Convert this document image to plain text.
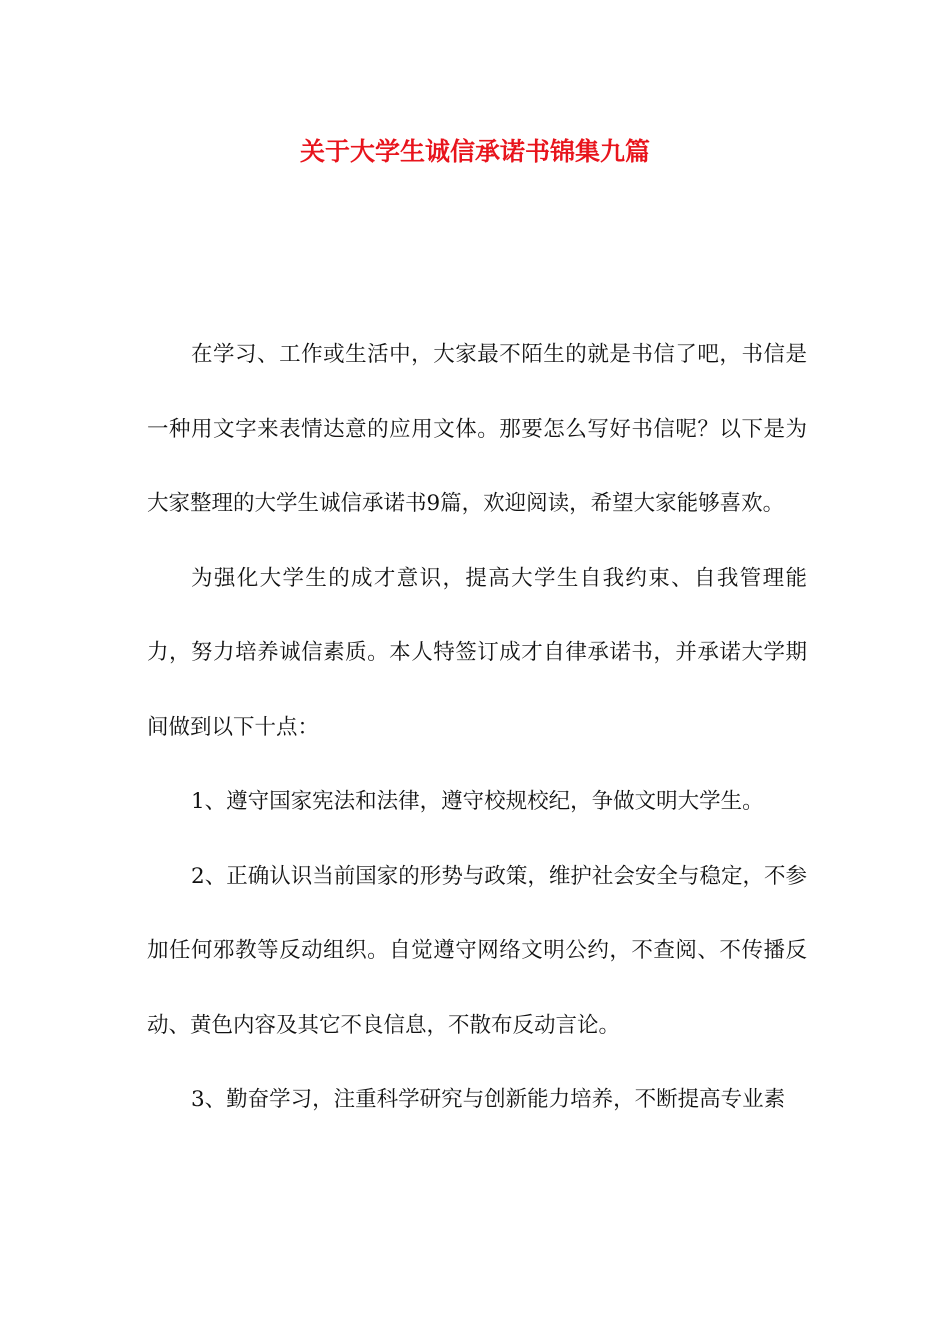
关于大学生诚信承诺书锦集九篇

在学习、工作或生活中，大家最不陌生的就是书信了吧，书信是一种用文字来表情达意的应用文体。那要怎么写好书信呢？以下是为大家整理的大学生诚信承诺书9篇，欢迎阅读，希望大家能够喜欢。

为强化大学生的成才意识，提高大学生自我约束、自我管理能力，努力培养诚信素质。本人特签订成才自律承诺书，并承诺大学期间做到以下十点：

1、遵守国家宪法和法律，遵守校规校纪，争做文明大学生。

2、正确认识当前国家的形势与政策，维护社会安全与稳定，不参加任何邪教等反动组织。自觉遵守网络文明公约，不查阅、不传播反动、黄色内容及其它不良信息，不散布反动言论。

3、勤奋学习，注重科学研究与创新能力培养，不断提高专业素
